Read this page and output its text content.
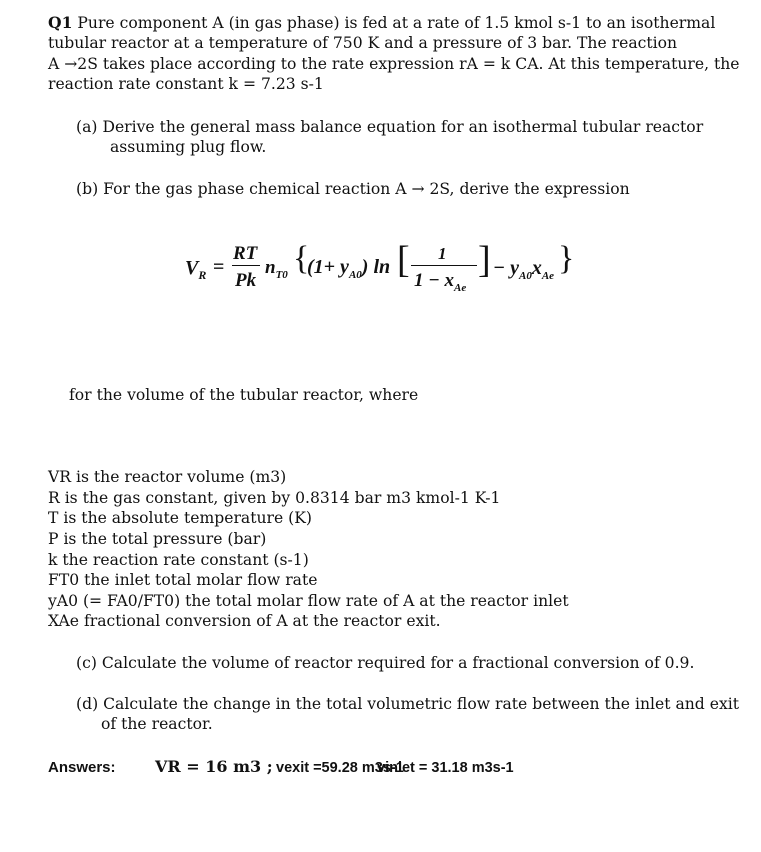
Q1 Pure component A (in gas phase) is fed at a rate of 1.5 kmol s-1 to an isothermal
tubular reactor at a temperature of 750 K and a pressure of 3 bar. The reaction
A →2S takes place according to the rate expression rA = k CA. At this temperature, the
reaction rate constant k = 7.23 s-1
(a) Derive the general mass balance equation for an isothermal tubular reactor
assuming plug flow.
(b) For the gas phase chemical reaction A → 2S, derive the expression
$V_R$ =
RT
Pk
$n_{T0}$ {
$(1+ y_{A0})$ ln [ 1
$1 - x_{Ae}$
] − $y_{A0}x_{Ae}$ }
for the volume of the tubular reactor, where
VR is the reactor volume (m3)
R is the gas constant, given by 0.8314 bar m3 kmol-1 K-1
T is the absolute temperature (K)
P is the total pressure (bar)
k the reaction rate constant (s-1)
FT0 the inlet total molar flow rate
yA0 (= FA0/FT0) the total molar flow rate of A at the reactor inlet
XAe fractional conversion of A at the reactor exit.
(c) Calculate the volume of reactor required for a fractional conversion of 0.9.
(d) Calculate the change in the total volumetric flow rate between the inlet and exit
of the reactor.
Answers: VR = 16 m3 ; vexit =59.28 m3s-1
vinlet = 31.18 m3s-1
